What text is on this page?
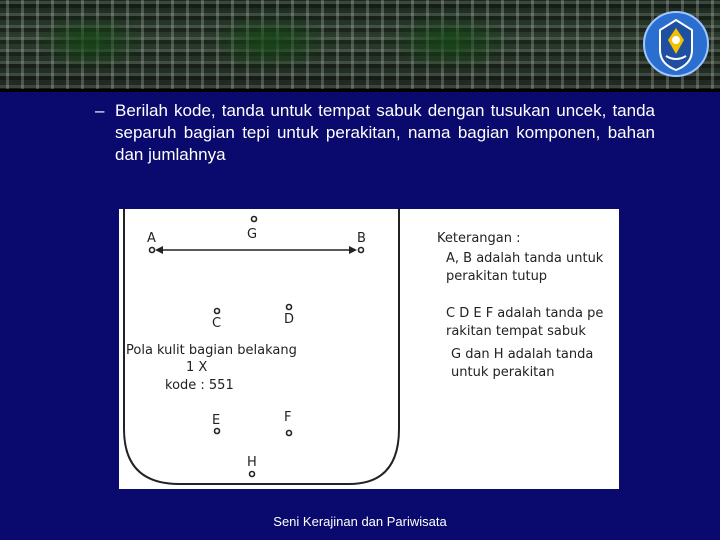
– Berilah kode, tanda untuk tempat sabuk dengan tusukan uncek, tanda separuh bagian tepi untuk perakitan, nama bagian komponen, bahan dan jumlahnya
A	G	B
C	D
E	F
H
Pola kulit bagian belakang
1 X
kode : 551
Keterangan :
A, B adalah tanda untuk
perakitan tutup
C D E F adalah tanda pe
rakitan tempat sabuk
G dan H adalah tanda
untuk perakitan
Seni Kerajinan dan Pariwisata
